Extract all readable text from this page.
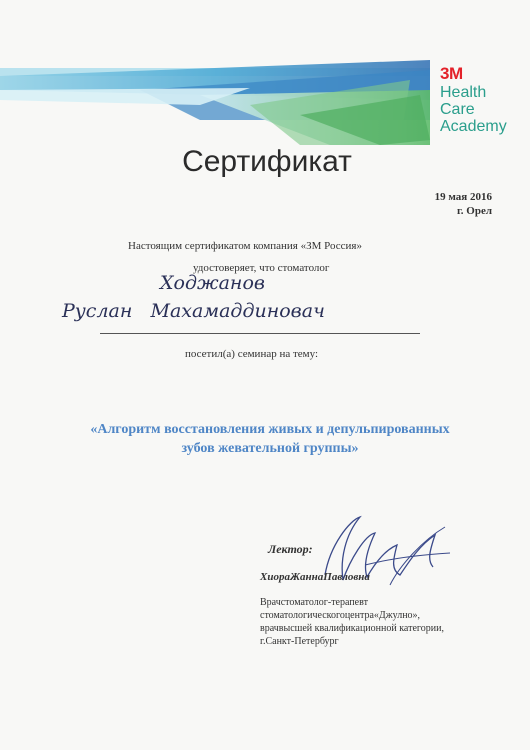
3M
Health
Care
Academy
Сертификат
19 мая 2016
г. Орел
Настоящим сертификатом компания «ЗМ Россия»
удостоверяет, что стоматолог
Ходжанов
Руслан   Махамаддиновач
посетил(а) семинар на тему:
«Алгоритм восстановления живых и депульпированных
зубов жевательной группы»
Лектор:
ХиораЖаннаПавловна
Врачстоматолог-терапевт
стоматологическогоцентра«Джулно»,
врачвысшей квалификационной категории,
г.Санкт-Петербург
